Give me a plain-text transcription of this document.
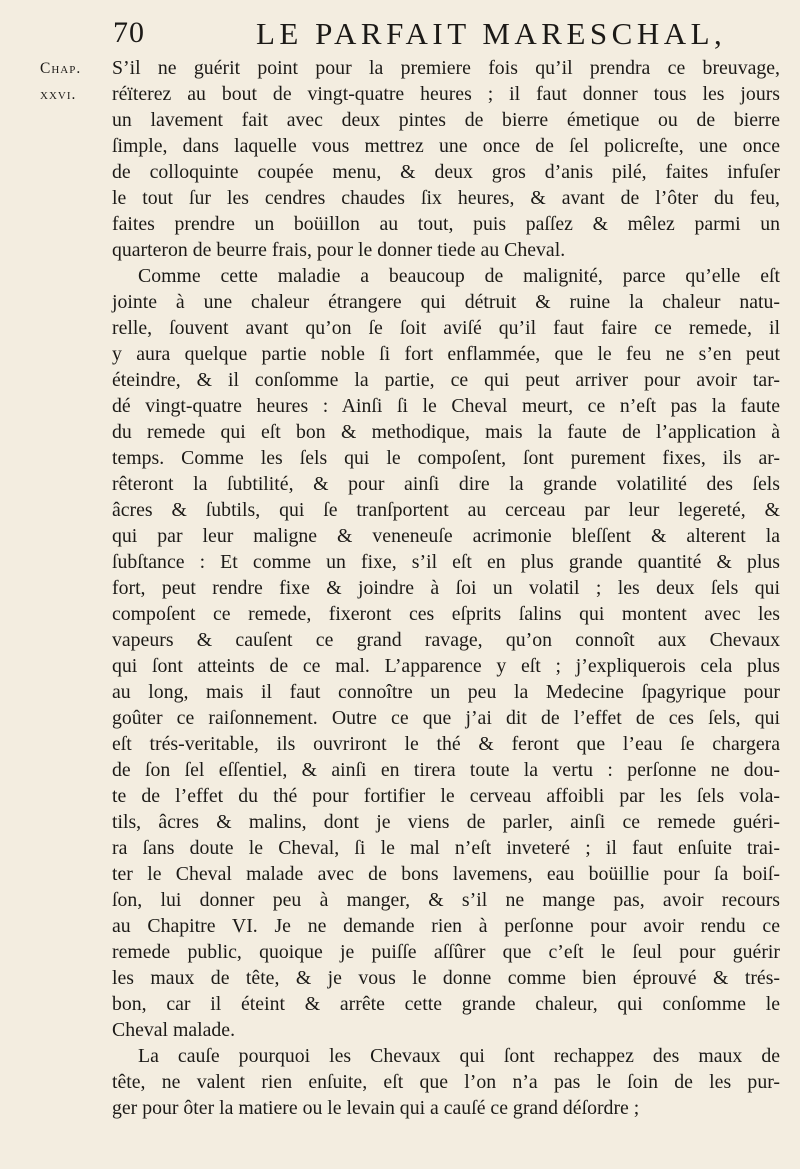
70	LE PARFAIT MARESCHAL,
Chap.
xxvi.
S’il ne guérit point pour la premiere fois qu’il prendra ce breuvage,
réïterez au bout de vingt-quatre heures ; il faut donner tous les jours
un lavement fait avec deux pintes de bierre émetique ou de bierre
ſimple, dans laquelle vous mettrez une once de ſel policreſte, une once
de colloquinte coupée menu, & deux gros d’anis pilé, faites infuſer
le tout ſur les cendres chaudes ſix heures, & avant de l’ôter du feu,
faites prendre un boüillon au tout, puis paſſez & mêlez parmi un
quarteron de beurre frais, pour le donner tiede au Cheval.
Comme cette maladie a beaucoup de malignité, parce qu’elle eſt
jointe à une chaleur étrangere qui détruit & ruine la chaleur natu-
relle, ſouvent avant qu’on ſe ſoit aviſé qu’il faut faire ce remede, il
y aura quelque partie noble ſi fort enflammée, que le feu ne s’en peut
éteindre, & il conſomme la partie, ce qui peut arriver pour avoir tar-
dé vingt-quatre heures : Ainſi ſi le Cheval meurt, ce n’eſt pas la faute
du remede qui eſt bon & methodique, mais la faute de l’application à
temps. Comme les ſels qui le compoſent, ſont purement fixes, ils ar-
rêteront la ſubtilité, & pour ainſi dire la grande volatilité des ſels
âcres & ſubtils, qui ſe tranſportent au cerceau par leur legereté, &
qui par leur maligne & veneneuſe acrimonie bleſſent & alterent la
ſubſtance : Et comme un fixe, s’il eſt en plus grande quantité & plus
fort, peut rendre fixe & joindre à ſoi un volatil ; les deux ſels qui
compoſent ce remede, fixeront ces eſprits ſalins qui montent avec les
vapeurs & cauſent ce grand ravage, qu’on connoît aux Chevaux
qui ſont atteints de ce mal. L’apparence y eſt ; j’expliquerois cela plus
au long, mais il faut connoître un peu la Medecine ſpagyrique pour
goûter ce raiſonnement. Outre ce que j’ai dit de l’effet de ces ſels, qui
eſt trés-veritable, ils ouvriront le thé & feront que l’eau ſe chargera
de ſon ſel eſſentiel, & ainſi en tirera toute la vertu : perſonne ne dou-
te de l’effet du thé pour fortifier le cerveau affoibli par les ſels vola-
tils, âcres & malins, dont je viens de parler, ainſi ce remede guéri-
ra ſans doute le Cheval, ſi le mal n’eſt inveteré ; il faut enſuite trai-
ter le Cheval malade avec de bons lavemens, eau boüillie pour ſa boiſ-
ſon, lui donner peu à manger, & s’il ne mange pas, avoir recours
au Chapitre VI. Je ne demande rien à perſonne pour avoir rendu ce
remede public, quoique je puiſſe aſſûrer que c’eſt le ſeul pour guérir
les maux de tête, & je vous le donne comme bien éprouvé & trés-
bon, car il éteint & arrête cette grande chaleur, qui conſomme le
Cheval malade.
La cauſe pourquoi les Chevaux qui ſont rechappez des maux de
tête, ne valent rien enſuite, eſt que l’on n’a pas le ſoin de les pur-
ger pour ôter la matiere ou le levain qui a cauſé ce grand déſordre ;
